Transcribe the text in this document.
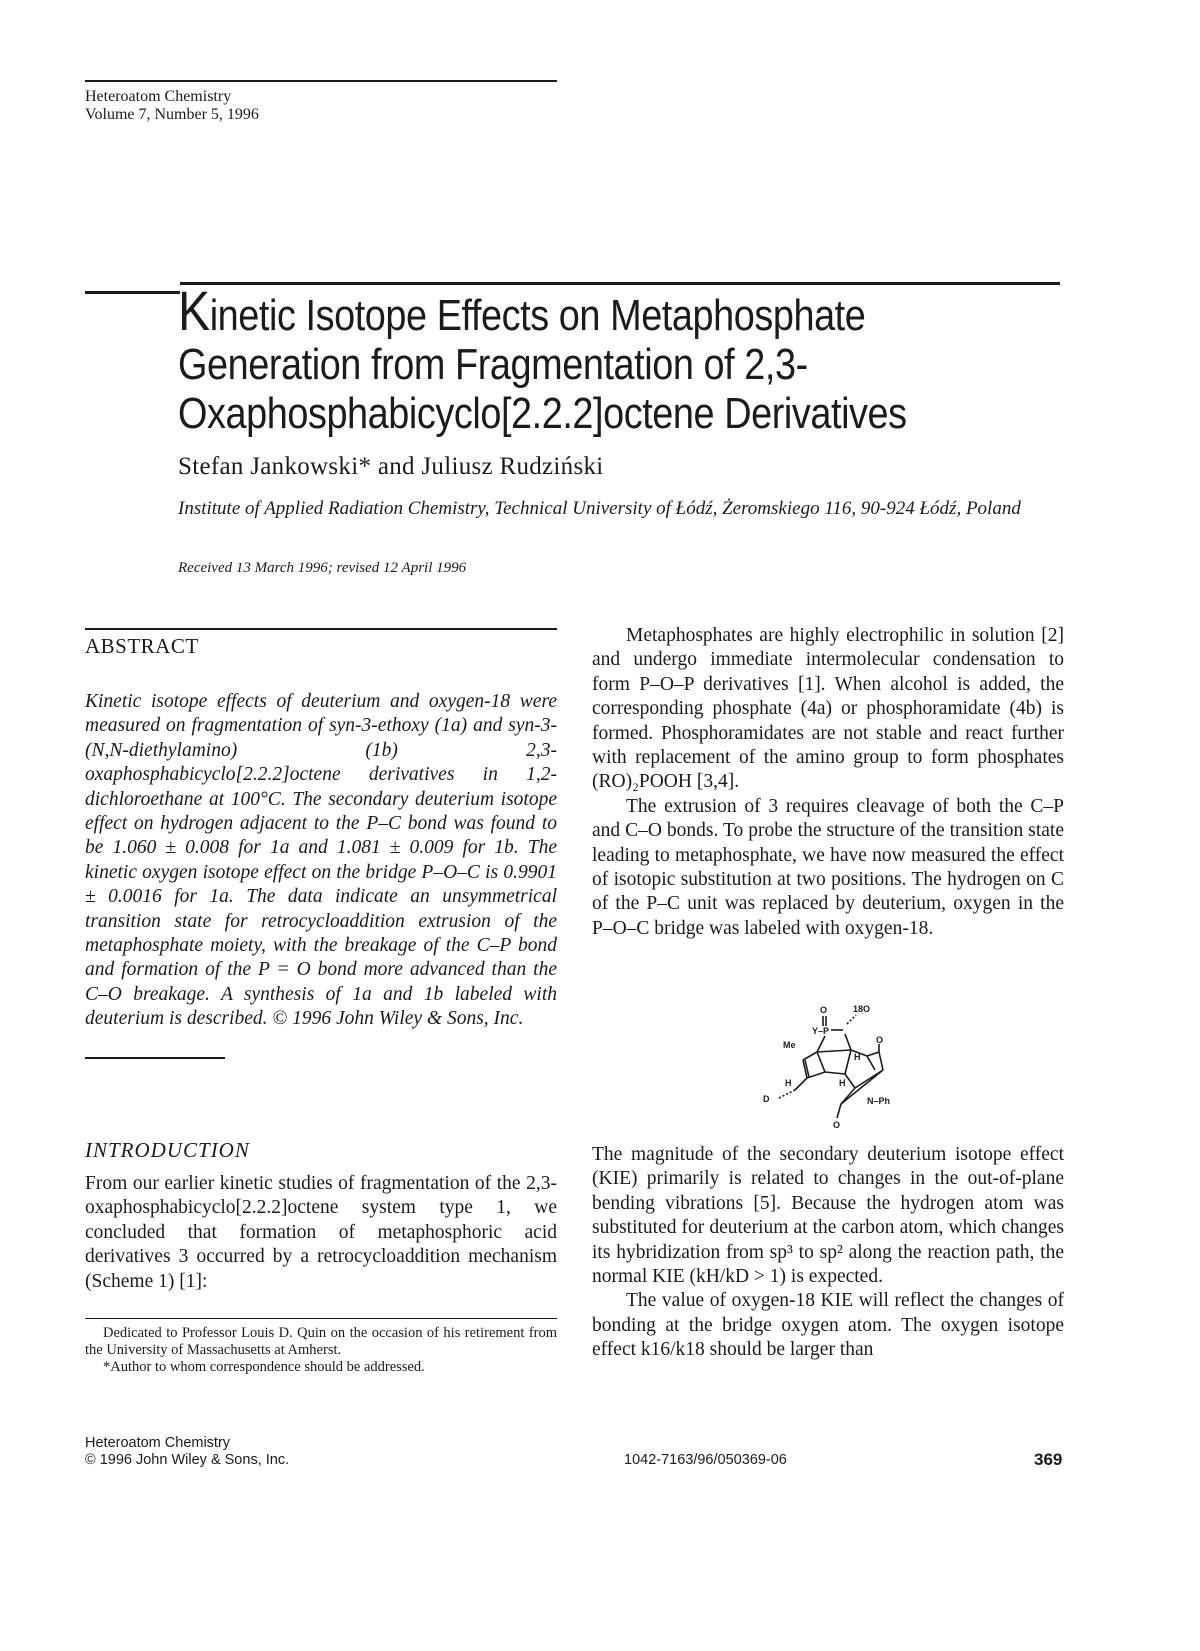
Heteroatom Chemistry
Volume 7, Number 5, 1996
Kinetic Isotope Effects on Metaphosphate
Generation from Fragmentation of 2,3-
Oxaphosphabicyclo[2.2.2]octene Derivatives
Stefan Jankowski* and Juliusz Rudziński
Institute of Applied Radiation Chemistry, Technical University of Łódź, Żeromskiego 116, 90-924 Łódź, Poland
Received 13 March 1996; revised 12 April 1996
ABSTRACT

Kinetic isotope effects of deuterium and oxygen-18 were measured on fragmentation of syn-3-ethoxy (1a) and syn-3-(N,N-diethylamino) (1b) 2,3-oxaphosphabicyclo[2.2.2]octene derivatives in 1,2-dichloroethane at 100°C. The secondary deuterium isotope effect on hydrogen adjacent to the P–C bond was found to be 1.060 ± 0.008 for 1a and 1.081 ± 0.009 for 1b. The kinetic oxygen isotope effect on the bridge P–O–C is 0.9901 ± 0.0016 for 1a. The data indicate an unsymmetrical transition state for retrocycloaddition extrusion of the metaphosphate moiety, with the breakage of the C–P bond and formation of the P = O bond more advanced than the C–O breakage. A synthesis of 1a and 1b labeled with deuterium is described. © 1996 John Wiley & Sons, Inc.

INTRODUCTION

From our earlier kinetic studies of fragmentation of the 2,3-oxaphosphabicyclo[2.2.2]octene system type 1, we concluded that formation of metaphosphoric acid derivatives 3 occurred by a retrocycloaddition mechanism (Scheme 1) [1]:

Dedicated to Professor Louis D. Quin on the occasion of his retirement from the University of Massachusetts at Amherst.

*Author to whom correspondence should be addressed.

Metaphosphates are highly electrophilic in solution [2] and undergo immediate intermolecular condensation to form P–O–P derivatives [1]. When alcohol is added, the corresponding phosphate (4a) or phosphoramidate (4b) is formed. Phosphoramidates are not stable and react further with replacement of the amino group to form phosphates (RO)₂POOH [3,4].

The extrusion of 3 requires cleavage of both the C–P and C–O bonds. To probe the structure of the transition state leading to metaphosphate, we have now measured the effect of isotopic substitution at two positions. The hydrogen on C of the P–C unit was replaced by deuterium, oxygen in the P–O–C bridge was labeled with oxygen-18.

O	18O
Y–P
Me
H
H
H
D
O
N–Ph
O

The magnitude of the secondary deuterium isotope effect (KIE) primarily is related to changes in the out-of-plane bending vibrations [5]. Because the hydrogen atom was substituted for deuterium at the carbon atom, which changes its hybridization from sp³ to sp² along the reaction path, the normal KIE (kH/kD > 1) is expected.

The value of oxygen-18 KIE will reflect the changes of bonding at the bridge oxygen atom. The oxygen isotope effect k16/k18 should be larger than

Heteroatom Chemistry
© 1996 John Wiley & Sons, Inc.	1042-7163/96/050369-06	369
